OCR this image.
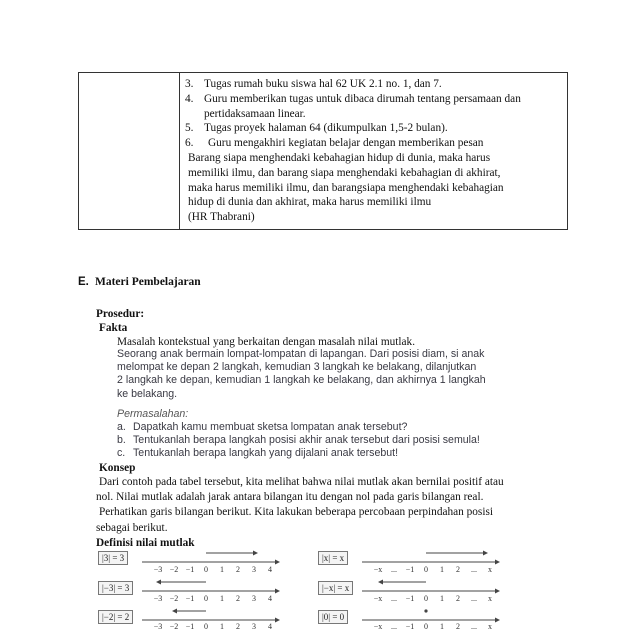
3. Tugas rumah buku siswa hal 62 UK 2.1 no. 1, dan 7.
4. Guru memberikan tugas untuk dibaca dirumah tentang persamaan dan
pertidaksamaan linear.
5. Tugas proyek halaman 64 (dikumpulkan 1,5-2 bulan).
6.	Guru mengakhiri kegiatan belajar dengan memberikan pesan
Barang siapa menghendaki kebahagian hidup di dunia, maka harus
memiliki ilmu, dan barang siapa menghendaki kebahagian di akhirat,
maka harus memiliki ilmu, dan barangsiapa menghendaki kebahagian
hidup di dunia dan akhirat, maka harus memiliki ilmu
(HR Thabrani)
E. Materi Pembelajaran
Prosedur:
Fakta
Masalah kontekstual yang berkaitan dengan masalah nilai mutlak.
Seorang anak bermain lompat-lompatan di lapangan. Dari posisi diam, si anak
melompat ke depan 2 langkah, kemudian 3 langkah ke belakang, dilanjutkan
2 langkah ke depan, kemudian 1 langkah ke belakang, dan akhirnya 1 langkah
ke belakang.
Permasalahan:
a. Dapatkah kamu membuat sketsa lompatan anak tersebut?
b. Tentukanlah berapa langkah posisi akhir anak tersebut dari posisi semula!
c. Tentukanlah berapa langkah yang dijalani anak tersebut!
Konsep
Dari contoh pada tabel tersebut, kita melihat bahwa nilai mutlak akan bernilai positif atau
nol. Nilai mutlak adalah jarak antara bilangan itu dengan nol pada garis bilangan real.
Perhatikan garis bilangan berikut. Kita lakukan beberapa percobaan perpindahan posisi
sebagai berikut.
Definisi nilai mutlak
|3| = 3
|−3| = 3
|−2| = 2
−3 −2 −1 0 1 2 3 4
−3 −2 −1 0 1 2 3 4
−3 −2 −1 0 1 2 3 4
|x| = x
|−x| = x
|0| = 0
−x ... −1 0 1 2 ... x
−x ... −1 0 1 2 ... x
−x ... −1 0 1 2 ... x
